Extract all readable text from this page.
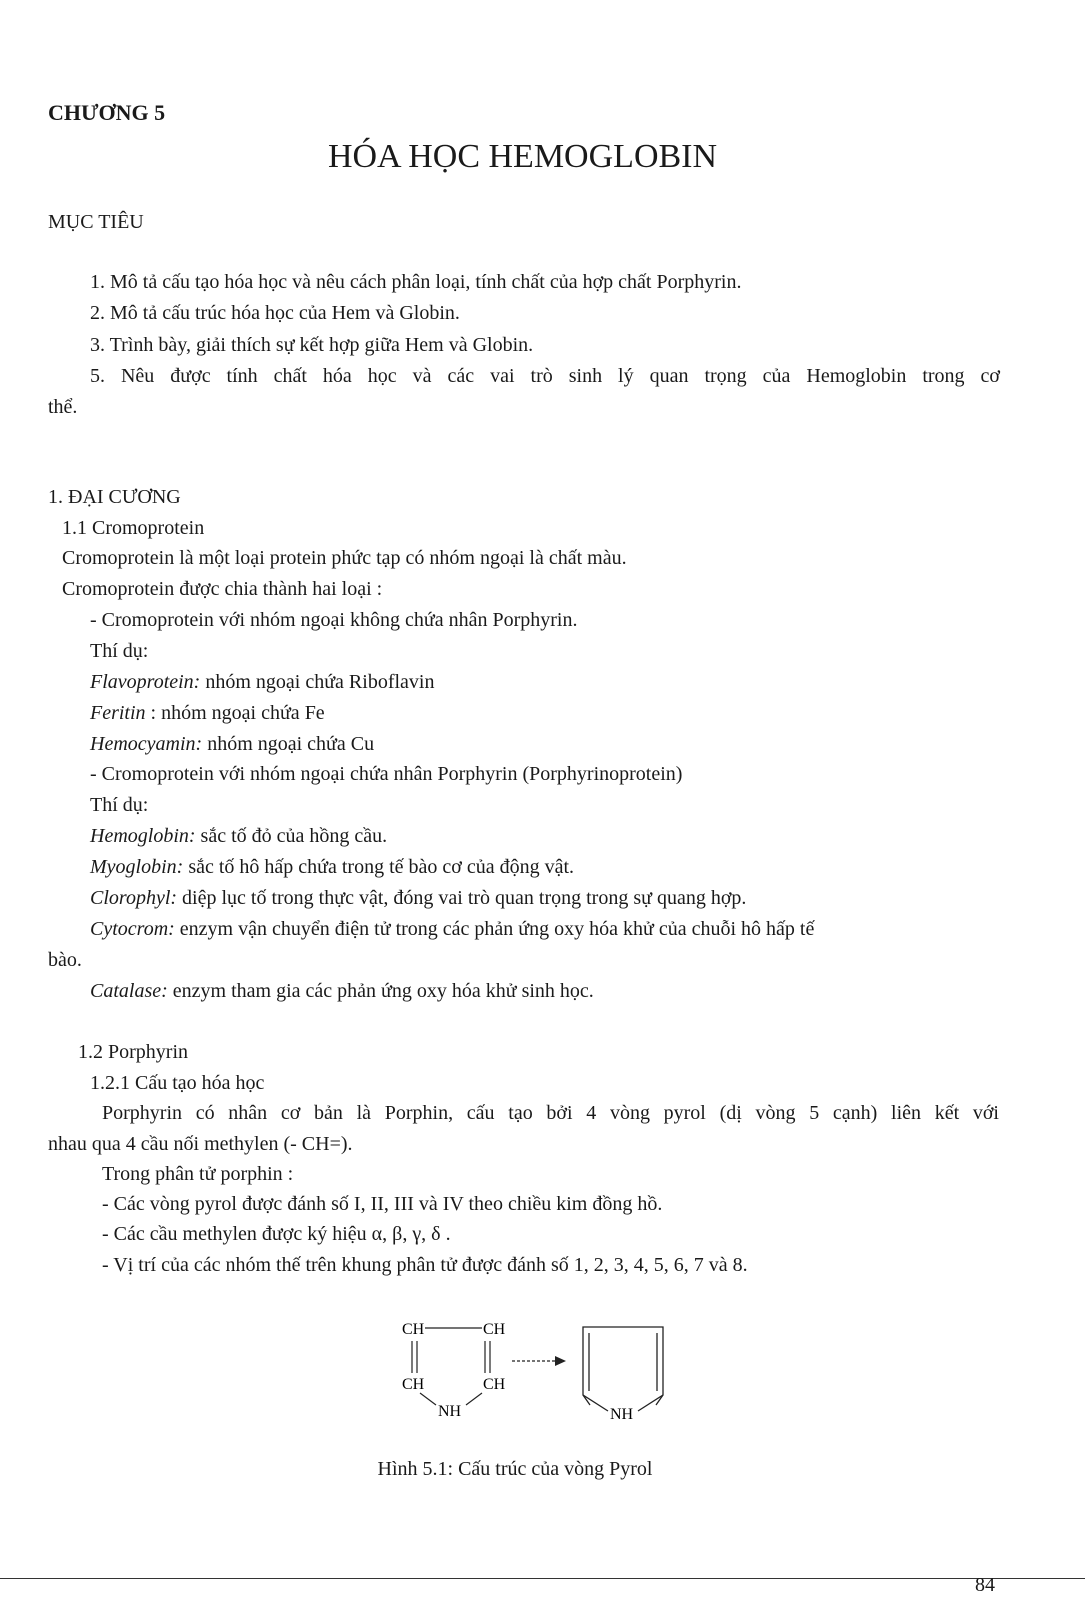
CHƯƠNG 5
HÓA HỌC HEMOGLOBIN
MỤC TIÊU
1. Mô tả cấu tạo hóa học và nêu cách phân loại, tính chất của hợp chất Porphyrin.
2. Mô tả cấu trúc hóa học của Hem và Globin.
3. Trình bày, giải thích sự kết hợp giữa Hem và Globin.
5. Nêu được tính chất hóa học và các vai trò sinh lý quan trọng của Hemoglobin trong cơ
thể.
1. ĐẠI CƯƠNG
1.1 Cromoprotein
Cromoprotein là một loại protein phức tạp có nhóm ngoại là chất màu.
Cromoprotein được chia thành hai loại :
- Cromoprotein với nhóm ngoại không chứa nhân Porphyrin.
Thí dụ:
Flavoprotein: nhóm ngoại chứa Riboflavin
Feritin : nhóm ngoại chứa Fe
Hemocyamin: nhóm ngoại chứa Cu
- Cromoprotein với nhóm ngoại chứa nhân Porphyrin (Porphyrinoprotein)
Thí dụ:
Hemoglobin: sắc tố đỏ của hồng cầu.
Myoglobin: sắc tố hô hấp chứa trong tế bào cơ của động vật.
Clorophyl: diệp lục tố trong thực vật, đóng vai trò quan trọng trong sự quang hợp.
Cytocrom: enzym vận chuyển điện tử trong các phản ứng oxy hóa khử của chuỗi hô hấp tế
bào.
Catalase: enzym tham gia các phản ứng oxy hóa khử sinh học.
1.2 Porphyrin
1.2.1 Cấu tạo hóa học
Porphyrin có nhân cơ bản là Porphin, cấu tạo bởi 4 vòng pyrol (dị vòng 5 cạnh) liên kết với
nhau qua 4 cầu nối methylen (- CH=).
Trong phân tử porphin :
- Các vòng pyrol được đánh số I, II, III và IV theo chiều kim đồng hồ.
- Các cầu methylen được ký hiệu α, β, γ, δ .
- Vị trí của các nhóm thế trên khung phân tử được đánh số 1, 2, 3, 4, 5, 6, 7 và 8.
CH	CH
CH	CH
NH	NH
Hình 5.1: Cấu trúc của vòng Pyrol
84
